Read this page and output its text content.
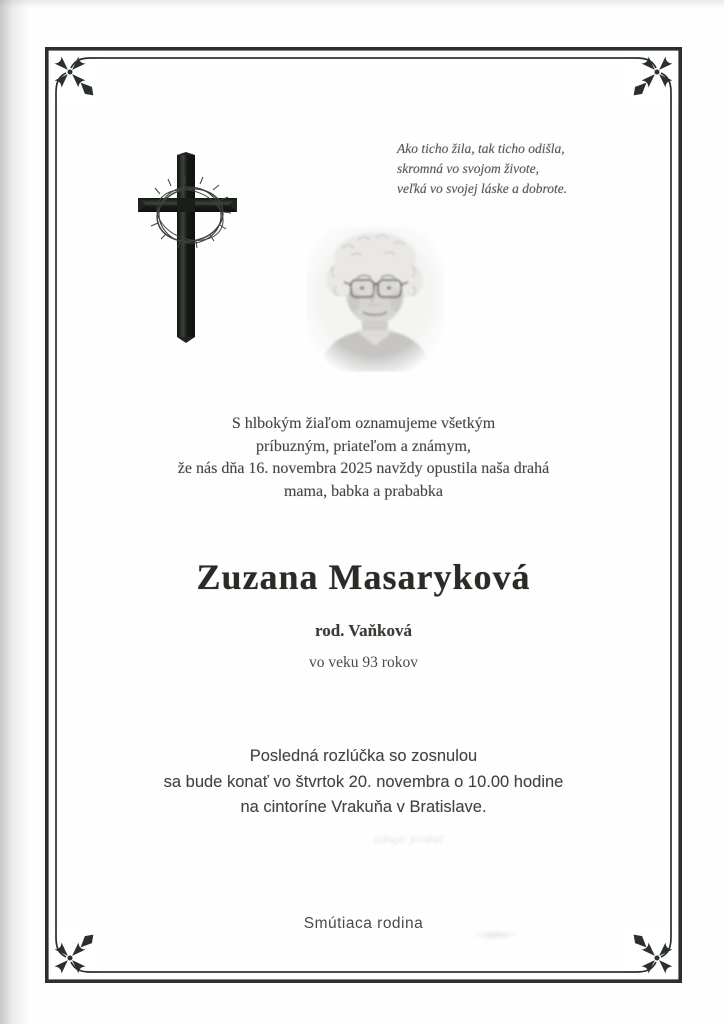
Ako ticho žila, tak ticho odišla,
skromná vo svojom živote,
veľká vo svojej láske a dobrote.
S hlbokým žiaľom oznamujeme všetkým
príbuzným, priateľom a známym,
že nás dňa 16. novembra 2025 navždy opustila naša drahá
mama, babka a prababka
Zuzana Masaryková
rod. Vaňková
vo veku 93 rokov
Posledná rozlúčka so zosnulou
sa bude konať vo štvrtok 20. novembra o 10.00 hodine
na cintoríne Vrakuňa v Bratislave.
údaje pridať
Smútiaca rodina
